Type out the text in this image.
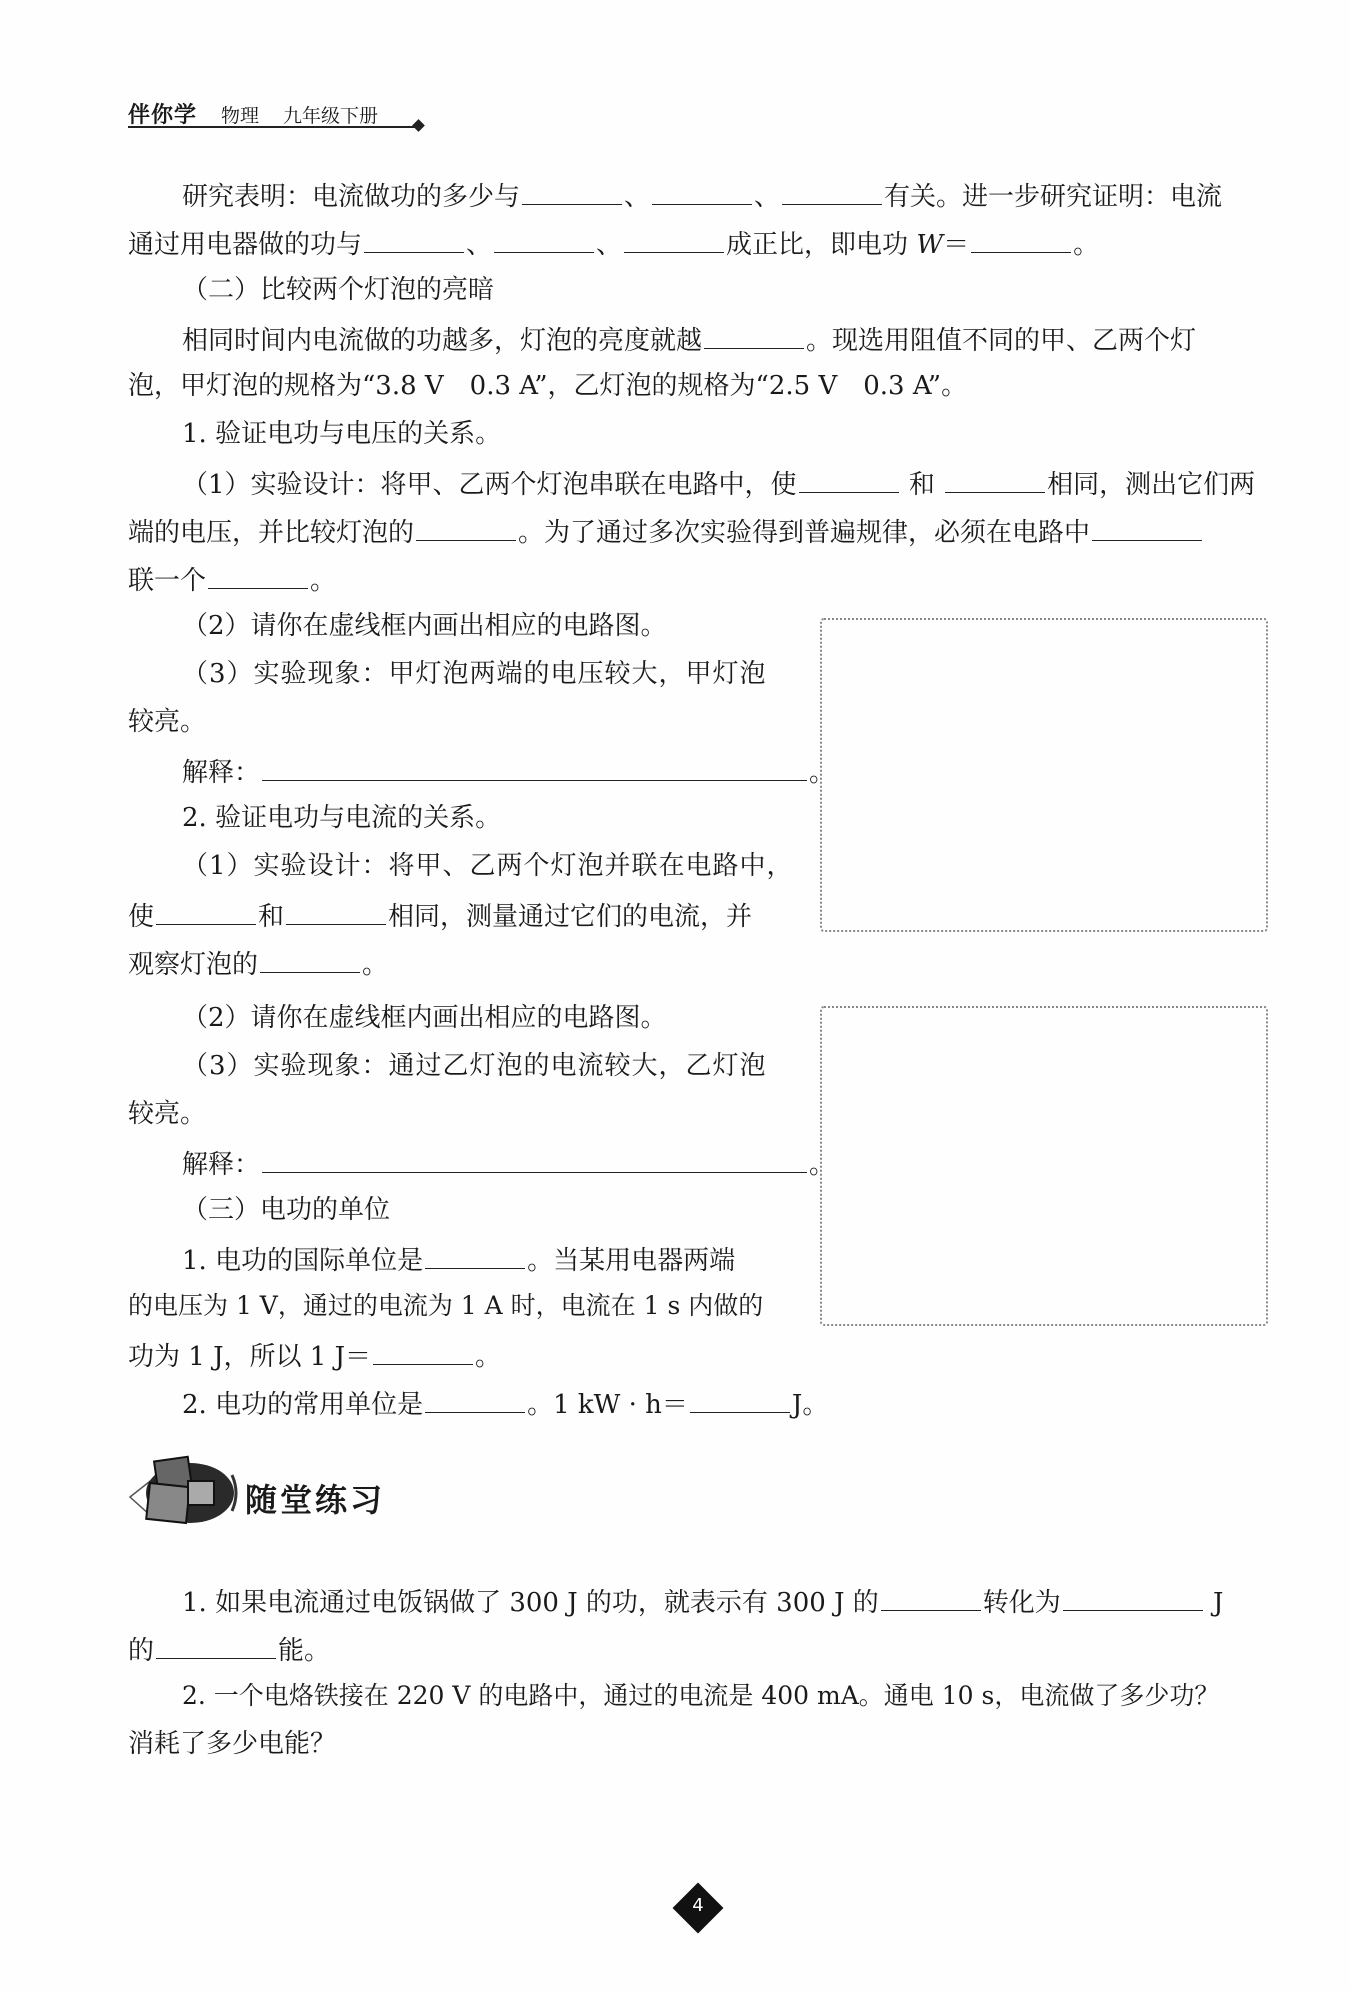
伴你学 物理 九年级下册
研究表明：电流做功的多少与	、	、	有关。进一步研究证明：电流
通过用电器做的功与	、	、	成正比，即电功 W＝	。
（二）比较两个灯泡的亮暗
相同时间内电流做的功越多，灯泡的亮度就越	。现选用阻值不同的甲、乙两个灯
泡，甲灯泡的规格为“3.8 V　0.3 A”，乙灯泡的规格为“2.5 V　0.3 A”。
1. 验证电功与电压的关系。
（1）实验设计：将甲、乙两个灯泡串联在电路中，使	和	相同，测出它们两
端的电压，并比较灯泡的	。为了通过多次实验得到普遍规律，必须在电路中
联一个	。
（2）请你在虚线框内画出相应的电路图。
（3）实验现象：甲灯泡两端的电压较大，甲灯泡
较亮。
解释：	。
2. 验证电功与电流的关系。
（1）实验设计：将甲、乙两个灯泡并联在电路中，
使	和	相同，测量通过它们的电流，并
观察灯泡的	。
（2）请你在虚线框内画出相应的电路图。
（3）实验现象：通过乙灯泡的电流较大，乙灯泡
较亮。
解释：	。
（三）电功的单位
1. 电功的国际单位是	。当某用电器两端
的电压为 1 V，通过的电流为 1 A 时，电流在 1 s 内做的
功为 1 J，所以 1 J＝	。
2. 电功的常用单位是	。1 kW · h＝	J。
随堂练习
1. 如果电流通过电饭锅做了 300 J 的功，就表示有 300 J 的	转化为	J
的	能。
2. 一个电烙铁接在 220 V 的电路中，通过的电流是 400 mA。通电 10 s，电流做了多少功？
消耗了多少电能？
4
